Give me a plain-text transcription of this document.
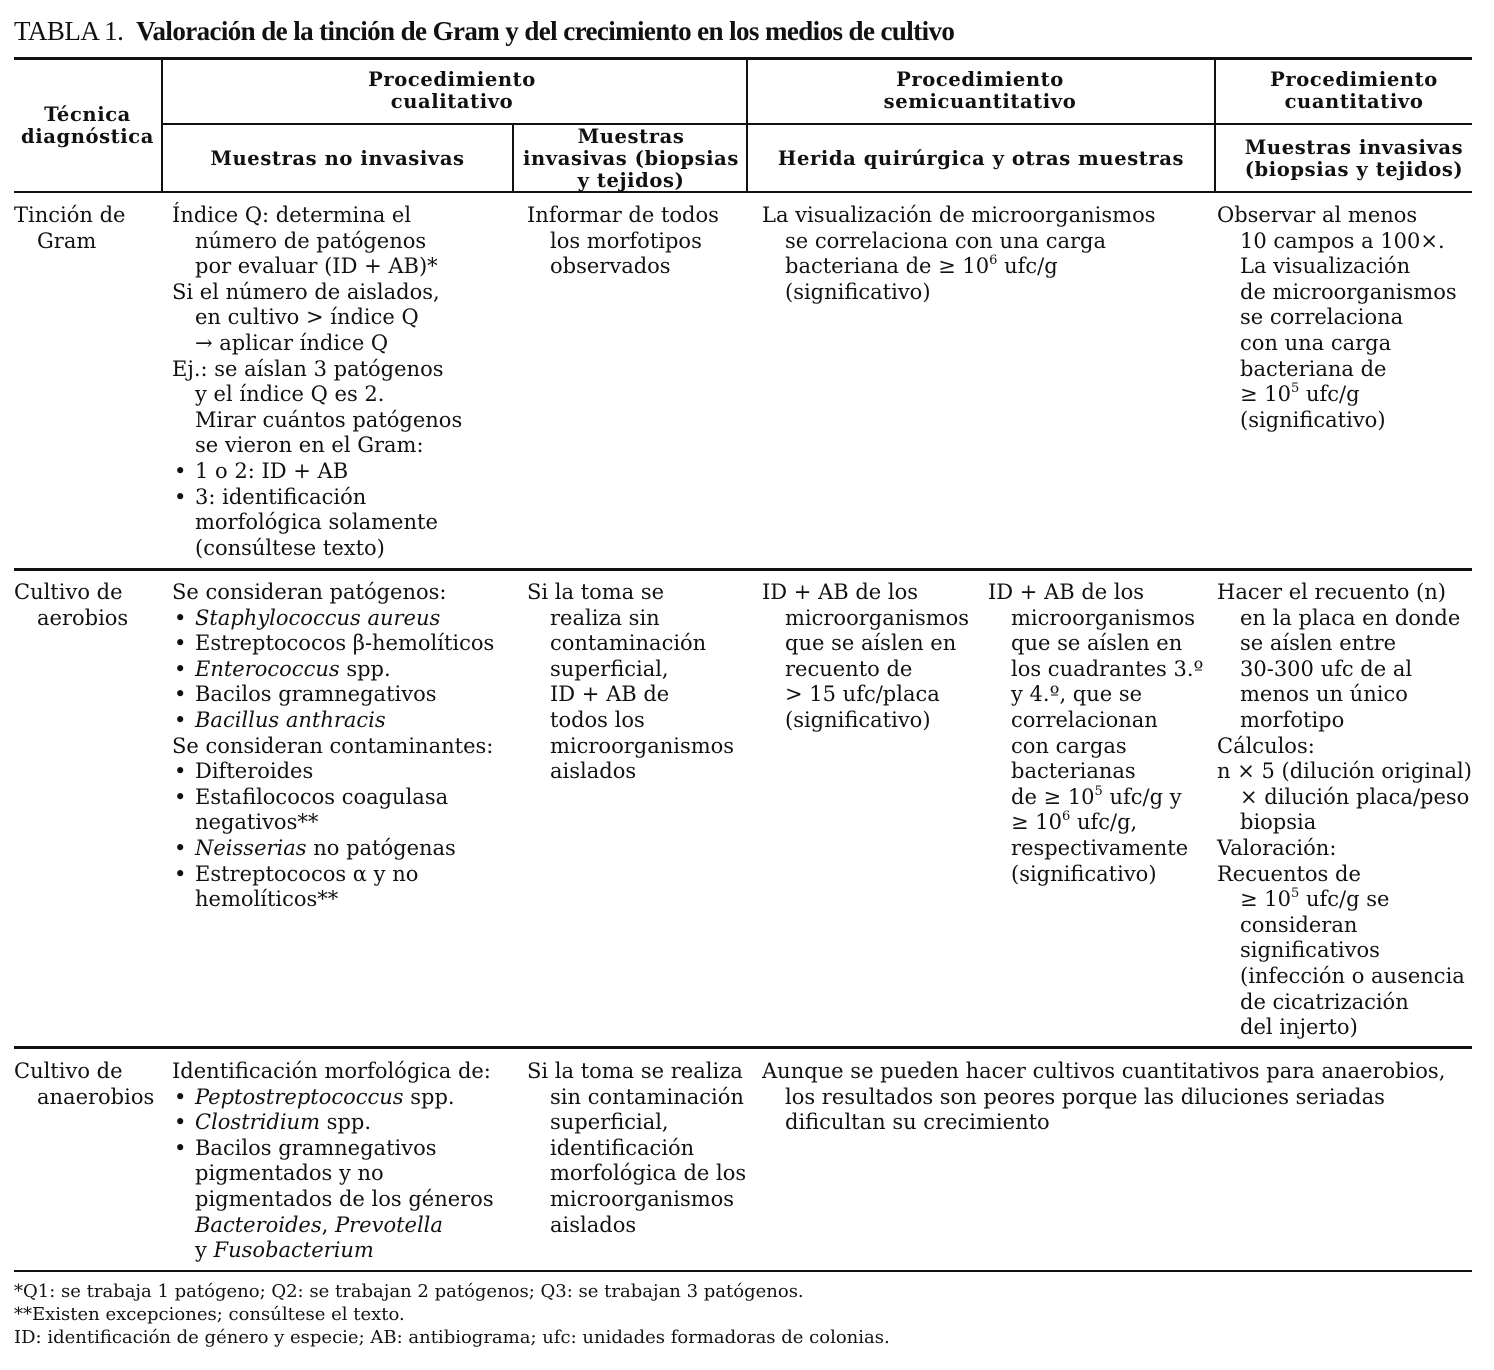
TABLA 1. Valoración de la tinción de Gram y del crecimiento en los medios de cultivo
Técnica diagnóstica
Procedimiento cualitativo
Procedimiento semicuantitativo
Procedimiento cuantitativo
Muestras no invasivas
Muestras invasivas (biopsias y tejidos)
Herida quirúrgica y otras muestras	Muestras invasivas (biopsias y tejidos)
Tinción de
Gram
Índice Q: determina el
número de patógenos
por evaluar (ID + AB)*
Si el número de aislados,
en cultivo > índice Q
→ aplicar índice Q
Ej.: se aíslan 3 patógenos
y el índice Q es 2.
Mirar cuántos patógenos
se vieron en el Gram:
• 1 o 2: ID + AB
• 3: identificación
morfológica solamente
(consúltese texto)
Informar de todos
los morfotipos
observados
La visualización de microorganismos
se correlaciona con una carga
bacteriana de ≥ $10^6$ ufc/g
(significativo)
Observar al menos
10 campos a 100×.
La visualización
de microorganismos
se correlaciona
con una carga
bacteriana de
≥ $10^5$ ufc/g
(significativo)
Cultivo de
aerobios
Se consideran patógenos:
• Staphylococcus aureus
• Estreptococos β-hemolíticos
• Enterococcus spp.
• Bacilos gramnegativos
• Bacillus anthracis
Se consideran contaminantes:
• Difteroides
• Estafilococos coagulasa
negativos**
• Neisserias no patógenas
• Estreptococos α y no
hemolíticos**
Si la toma se
realiza sin
contaminación
superficial,
ID + AB de
todos los
microorganismos
aislados
ID + AB de los
microorganismos
que se aíslen en
recuento de
> 15 ufc/placa
(significativo)
ID + AB de los
microorganismos
que se aíslen en
los cuadrantes 3.º
y 4.º, que se
correlacionan
con cargas
bacterianas
de ≥ $10^5$ ufc/g y
≥ $10^6$ ufc/g,
respectivamente
(significativo)
Hacer el recuento (n)
en la placa en donde
se aíslen entre
30-300 ufc de al
menos un único
morfotipo
Cálculos:
n × 5 (dilución original)
× dilución placa/peso
biopsia
Valoración:
Recuentos de
≥ $10^5$ ufc/g se
consideran
significativos
(infección o ausencia
de cicatrización
del injerto)
Cultivo de
anaerobios
Identificación morfológica de:
• Peptostreptococcus spp.
• Clostridium spp.
• Bacilos gramnegativos
pigmentados y no
pigmentados de los géneros
Bacteroides, Prevotella
y Fusobacterium
Si la toma se realiza
sin contaminación
superficial,
identificación
morfológica de los
microorganismos
aislados
Aunque se pueden hacer cultivos cuantitativos para anaerobios,
los resultados son peores porque las diluciones seriadas
dificultan su crecimiento
*Q1: se trabaja 1 patógeno; Q2: se trabajan 2 patógenos; Q3: se trabajan 3 patógenos.
**Existen excepciones; consúltese el texto.
ID: identificación de género y especie; AB: antibiograma; ufc: unidades formadoras de colonias.
